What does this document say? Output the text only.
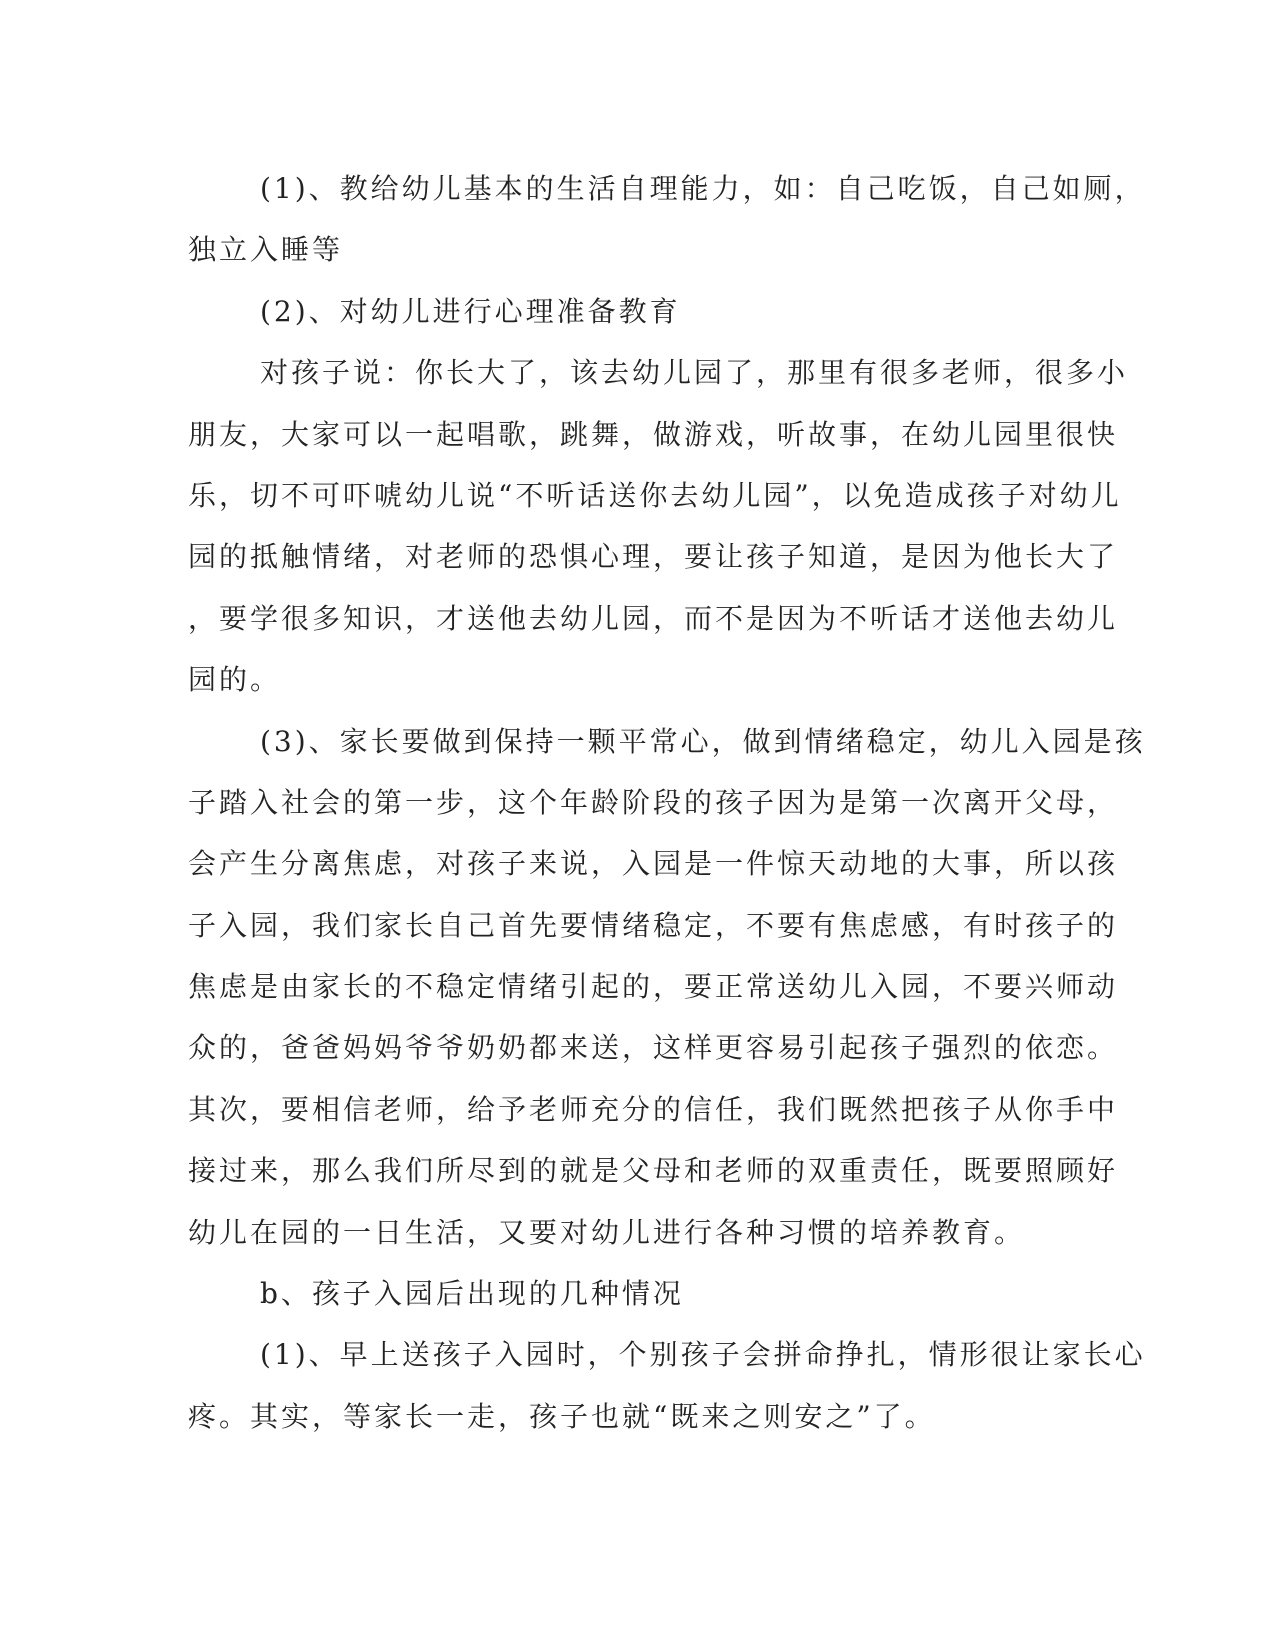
(1)、教给幼儿基本的生活自理能力，如：自己吃饭，自己如厕，
独立入睡等
(2)、对幼儿进行心理准备教育
对孩子说：你长大了，该去幼儿园了，那里有很多老师，很多小
朋友，大家可以一起唱歌，跳舞，做游戏，听故事，在幼儿园里很快
乐，切不可吓唬幼儿说“不听话送你去幼儿园”，以免造成孩子对幼儿
园的抵触情绪，对老师的恐惧心理，要让孩子知道，是因为他长大了
，要学很多知识，才送他去幼儿园，而不是因为不听话才送他去幼儿
园的。
(3)、家长要做到保持一颗平常心，做到情绪稳定，幼儿入园是孩
子踏入社会的第一步，这个年龄阶段的孩子因为是第一次离开父母，
会产生分离焦虑，对孩子来说，入园是一件惊天动地的大事，所以孩
子入园，我们家长自己首先要情绪稳定，不要有焦虑感，有时孩子的
焦虑是由家长的不稳定情绪引起的，要正常送幼儿入园，不要兴师动
众的，爸爸妈妈爷爷奶奶都来送，这样更容易引起孩子强烈的依恋。
其次，要相信老师，给予老师充分的信任，我们既然把孩子从你手中
接过来，那么我们所尽到的就是父母和老师的双重责任，既要照顾好
幼儿在园的一日生活，又要对幼儿进行各种习惯的培养教育。
b、孩子入园后出现的几种情况
(1)、早上送孩子入园时，个别孩子会拼命挣扎，情形很让家长心
疼。其实，等家长一走，孩子也就“既来之则安之”了。
